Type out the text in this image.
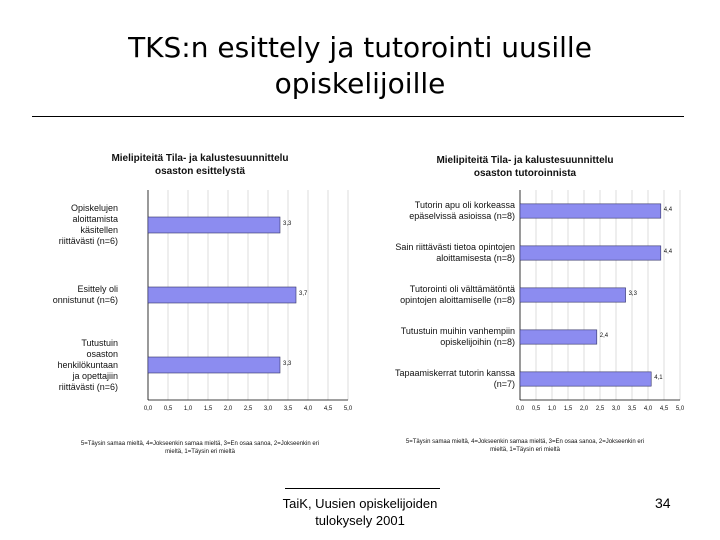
TKS:n esittely ja tutorointi uusille
opiskelijoille
Mielipiteitä Tila- ja kalustesuunnittelu
osaston esittelystä
0,0 0,5 1,0 1,5 2,0 2,5 3,0 3,5 4,0 4,5 5,0
3,3
Opiskelujen
aloittamista
käsitellen
riittävästi (n=6)
3,7
Esittely oli
onnistunut (n=6)
3,3
Tutustuin
osaston
henkilökuntaan
ja opettajiin
riittävästi (n=6)
5=Täysin samaa mieltä, 4=Jokseenkin samaa mieltä, 3=En osaa sanoa, 2=Jokseenkin eri
mieltä, 1=Täysin eri mieltä
Mielipiteitä Tila- ja kalustesuunnittelu
osaston tutoroinnista
0,0 0,5 1,0 1,5 2,0 2,5 3,0 3,5 4,0 4,5 5,0
4,4
Tutorin apu oli korkeassa
epäselvissä asioissa (n=8)
4,4
Sain riittävästi tietoa opintojen
aloittamisesta (n=8)
3,3
Tutorointi oli välttämätöntä
opintojen aloittamiselle (n=8)
2,4
Tutustuin muihin vanhempiin
opiskelijoihin (n=8)
4,1
Tapaamiskerrat tutorin kanssa
(n=7)
5=Täysin samaa mieltä, 4=Jokseenkin samaa mieltä, 3=En osaa sanoa, 2=Jokseenkin eri
mieltä, 1=Täysin eri mieltä
TaiK, Uusien opiskelijoiden
tulokysely 2001
34
